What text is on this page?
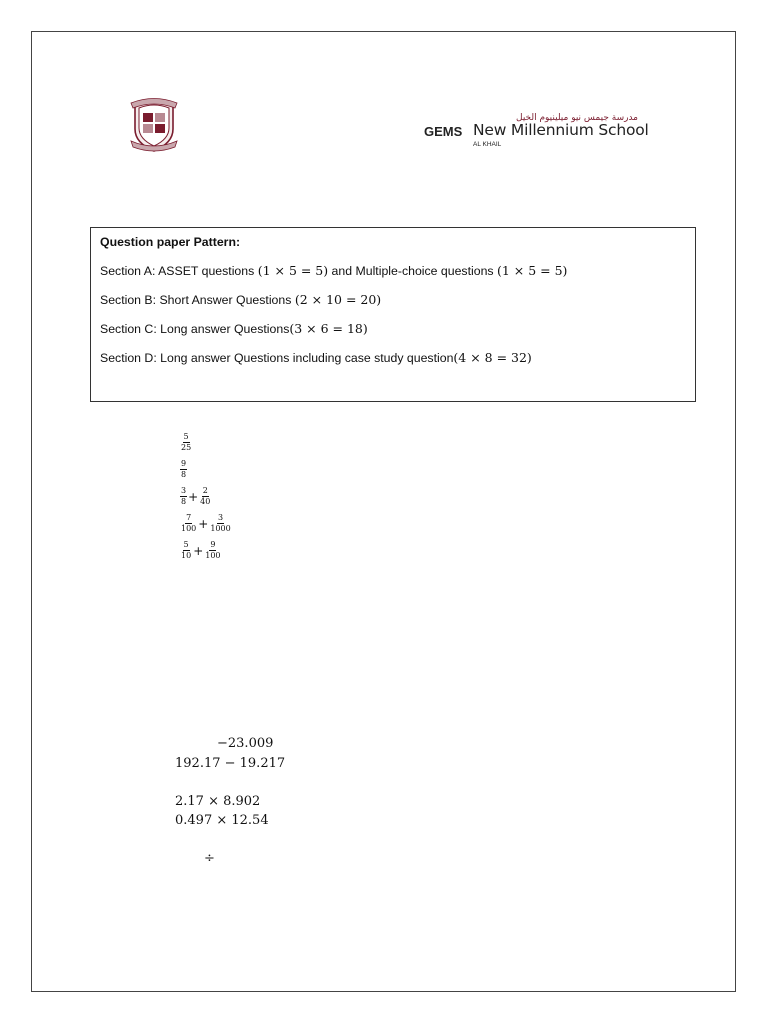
مدرسة جيمس نيو ميلينيوم الخيل
GEMS New Millennium School
AL KHAIL
Question paper Pattern:
Section A: ASSET questions (1 × 5 = 5) and Multiple-choice questions (1 × 5 = 5)
Section B: Short Answer Questions (2 × 10 = 20)
Section C: Long answer Questions(3 × 6 = 18)
Section D: Long answer Questions including case study question(4 × 8 = 32)
$\frac{5}{25}$
$\frac{9}{8}$
$\frac{3}{8} + \frac{2}{40}$
$\frac{7}{100} + \frac{3}{1000}$
$\frac{5}{10} + \frac{9}{100}$
−23.009
192.17 − 19.217
2.17 × 8.902
0.497 × 12.54
÷
